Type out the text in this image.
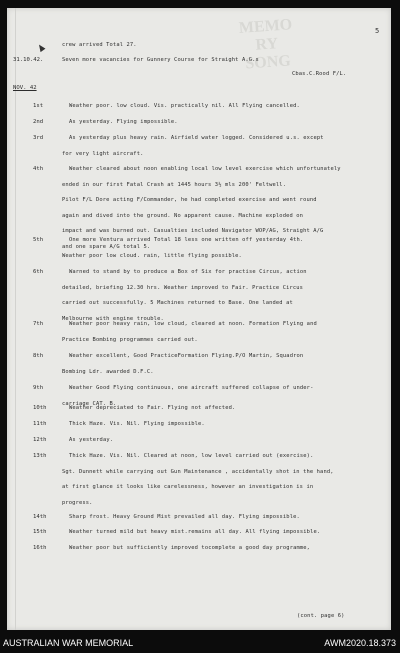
MEMO RY SONG
5
crew arrived Total 27.
31.10.42.	Seven more vacancies for Gunnery Course for Straight A.G.s
Cbas.C.Rood F/L.
NOV. 42
1st	Weather poor. low cloud. Vis. practically nil. All Flying cancelled.
2nd	As yesterday. Flying impossible.
3rd	As yesterday plus heavy rain. Airfield water logged. Considered u.s. except
for very light aircraft.
4th	Weather cleared about noon enabling local low level exercise which unfortunately
ended in our first Fatal Crash at 1445 hours 3½ mls 200' Feltwell.
Pilot F/L Dore acting F/Commander, he had completed exercise and went round
again and dived into the ground. No apparent cause. Machine exploded on
impact and was burned out. Casualties included Navigator WOP/AG, Straight A/G
and one spare A/G total 5.
5th	One more Ventura arrived Total 18 less one written off yesterday 4th.
Weather poor low cloud. rain, little flying possible.
6th	Warned to stand by to produce a Box of Six for practise Circus, action
detailed, briefing 12.30 hrs. Weather improved to Fair. Practice Circus
carried out successfully. 5 Machines returned to Base. One landed at
Melbourne with engine trouble.
7th	Weather poor heavy rain, low cloud, cleared at noon. Formation Flying and
Practice Bombing programmes carried out.
8th	Weather excellent, Good PracticeFormation Flying.P/O Martin, Squadron
Bombing Ldr. awarded D.F.C.
9th	Weather Good Flying continuous, one aircraft suffered collapse of under-
carriage CAT. B.
10th	Weather depreciated to Fair. Flying not affected.
11th	Thick Haze. Vis. Nil. Flying impossible.
12th	As yesterday.
13th	Thick Haze. Vis. Nil. Cleared at noon, low level carried out (exercise).
Sgt. Dunnett while carrying out Gun Maintenance , accidentally shot in the hand,
at first glance it looks like carelessness, however an investigation is in
progress.
14th	Sharp frost. Heavy Ground Mist prevailed all day. Flying impossible.
15th	Weather turned mild but heavy mist.remains all day. All flying impossible.
16th	Weather poor but sufficiently improved tocomplete a good day programme,
(cont. page 6)
AUSTRALIAN WAR MEMORIAL	AWM2020.18.373
